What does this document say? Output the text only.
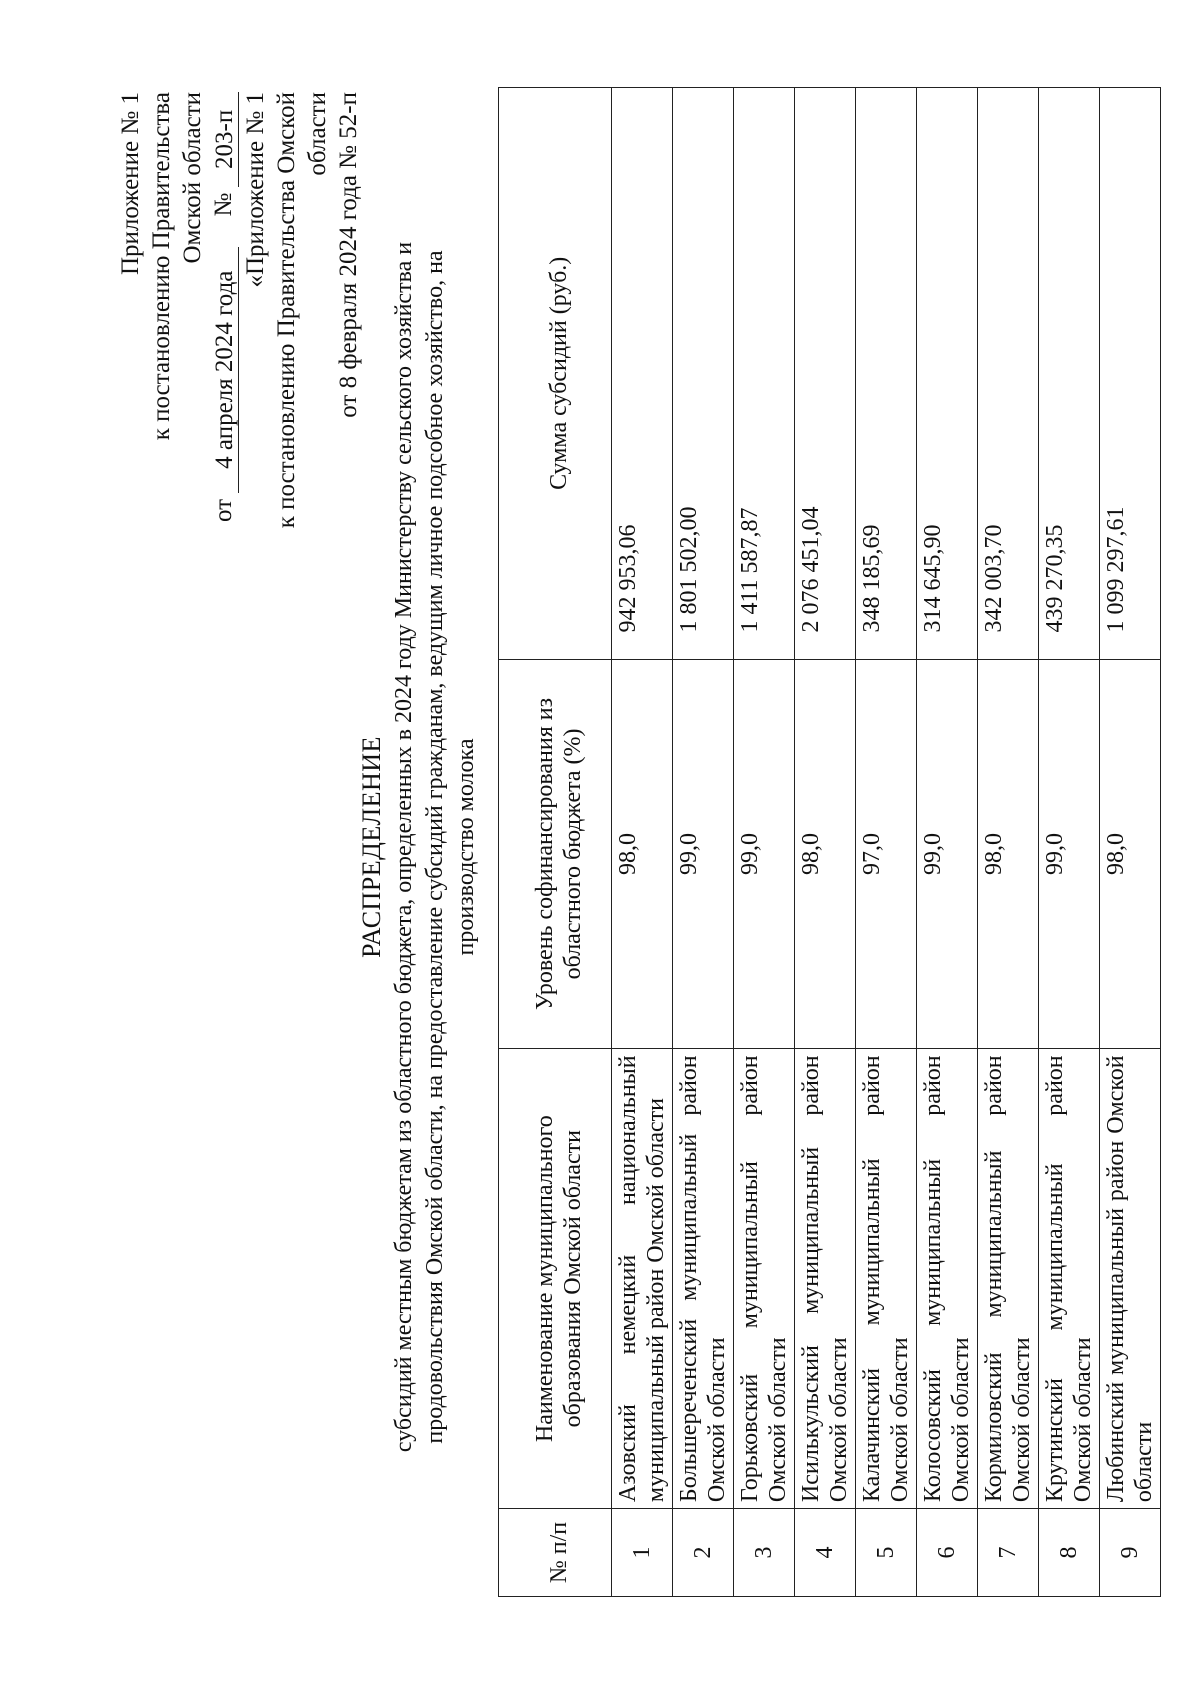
Приложение № 1 к постановлению Правительства Омской области
от
4 апреля 2024 года
№
203-п «Приложение № 1 к постановлению Правительства Омской области от 8 февраля 2024 года № 52-п
РАСПРЕДЕЛЕНИЕ субсидий местным бюджетам из областного бюджета, определенных в 2024 году Министерству сельского хозяйства и продовольствия Омской области, на предоставление субсидий гражданам, ведущим личное подсобное хозяйство, на производство молока
№ п/п	Наименование муниципального образования Омской области	Уровень софинансирования из областного бюджета (%)	Сумма субсидий (руб.)
1	Азовский немецкий национальный муниципальный район Омской области	98,0	942 953,06
2	Большереченский муниципальный район Омской области	99,0	1 801 502,00
3	Горьковский муниципальный район Омской области	99,0	1 411 587,87
4	Исилькульский муниципальный район Омской области	98,0	2 076 451,04
5	Калачинский муниципальный район Омской области	97,0	348 185,69
6	Колосовский муниципальный район Омской области	99,0	314 645,90
7	Кормиловский муниципальный район Омской области	98,0	342 003,70
8	Крутинский муниципальный район Омской области	99,0	439 270,35
9	Любинский муниципальный район Омской области	98,0	1 099 297,61
